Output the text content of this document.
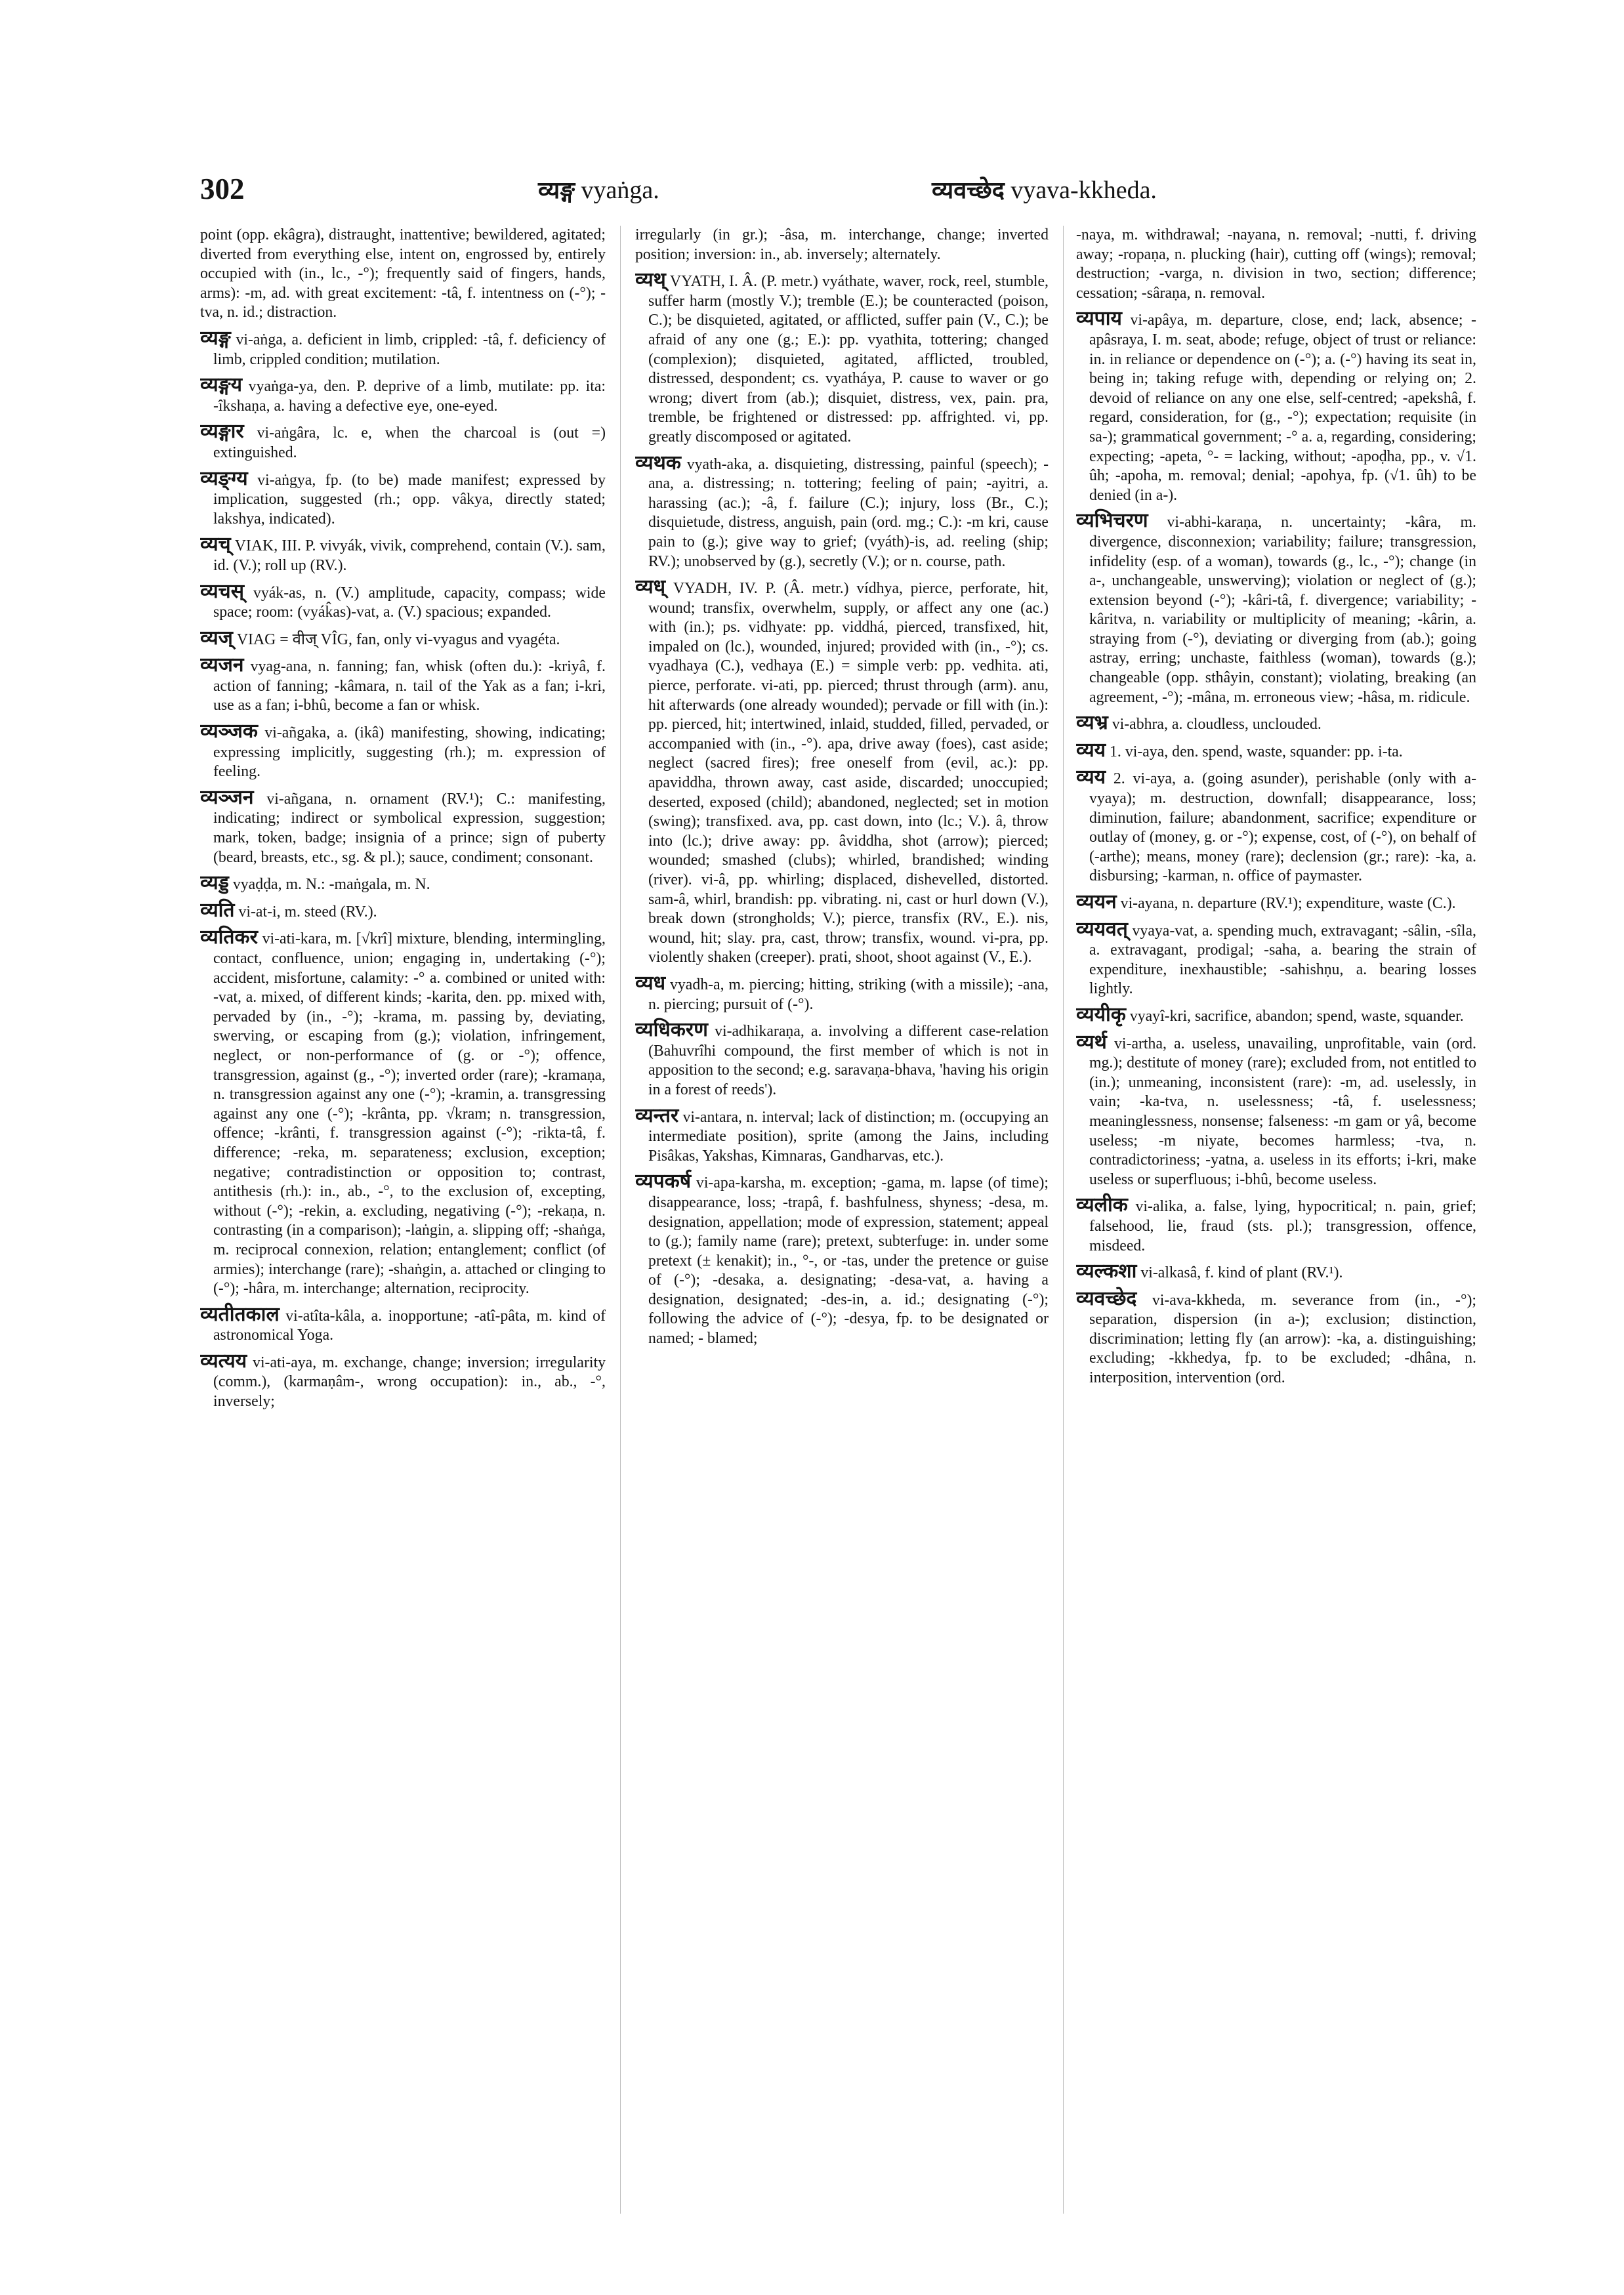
302	व्यङ्ग vyaṅga.	व्यवच्छेद vyava-kkheda.

point (opp. ekâgra), distraught, inattentive; bewildered, agitated; diverted from everything else, intent on, engrossed by, entirely occupied with (in., lc., -°); frequently said of fingers, hands, arms): -m, ad. with great excitement: -tâ, f. intentness on (-°); -tva, n. id.; distraction.

व्यङ्ग vi-aṅga, a. deficient in limb, crippled: -tâ, f. deficiency of limb, crippled condition; mutilation.

व्यङ्गय vyaṅga-ya, den. P. deprive of a limb, mutilate: pp. ita: -îkshaṇa, a. having a defective eye, one-eyed.

व्यङ्गार vi-aṅgâra, lc. e, when the charcoal is (out =) extinguished.

व्यङ्ग्य vi-aṅgya, fp. (to be) made manifest; expressed by implication, suggested (rh.; opp. vâkya, directly stated; lakshya, indicated).

व्यच् VIAK, III. P. vivyák, vivik, comprehend, contain (V.). sam, id. (V.); roll up (RV.).

व्यचस् vyák-as, n. (V.) amplitude, capacity, compass; wide space; room: (vyák̂as)-vat, a. (V.) spacious; expanded.

व्यज् VIAG = वीज् VÎG, fan, only vi-vyagus and vyagéta.

व्यजन vyag-ana, n. fanning; fan, whisk (often du.): -kriyâ, f. action of fanning; -kâmara, n. tail of the Yak as a fan; i-kri, use as a fan; i-bhû, become a fan or whisk.

व्यञ्जक vi-añgaka, a. (ikâ) manifesting, showing, indicating; expressing implicitly, suggesting (rh.); m. expression of feeling.

व्यञ्जन vi-añgana, n. ornament (RV.¹); C.: manifesting, indicating; indirect or symbolical expression, suggestion; mark, token, badge; insignia of a prince; sign of puberty (beard, breasts, etc., sg. & pl.); sauce, condiment; consonant.

व्यड्ड vyaḍḍa, m. N.: -maṅgala, m. N.

व्यति vi-at-i, m. steed (RV.).

व्यतिकर vi-ati-kara, m. [√krî] mixture, blending, intermingling, contact, confluence, union; engaging in, undertaking (-°); accident, misfortune, calamity: -° a. combined or united with: -vat, a. mixed, of different kinds; -karita, den. pp. mixed with, pervaded by (in., -°); -krama, m. passing by, deviating, swerving, or escaping from (g.); violation, infringement, neglect, or non-performance of (g. or -°); offence, transgression, against (g., -°); inverted order (rare); -kramaṇa, n. transgression against any one (-°); -kramin, a. transgressing against any one (-°); -krânta, pp. √kram; n. transgression, offence; -krânti, f. transgression against (-°); -rikta-tâ, f. difference; -reka, m. separateness; exclusion, exception; negative; contradistinction or opposition to; contrast, antithesis (rh.): in., ab., -°, to the exclusion of, excepting, without (-°); -rekin, a. excluding, negativing (-°); -rekaṇa, n. contrasting (in a comparison); -laṅgin, a. slipping off; -shaṅga, m. reciprocal connexion, relation; entanglement; conflict (of armies); interchange (rare); -shaṅgin, a. attached or clinging to (-°); -hâra, m. interchange; alternation, reciprocity.

व्यतीतकाल vi-atîta-kâla, a. inopportune; -atî-pâta, m. kind of astronomical Yoga.

व्यत्यय vi-ati-aya, m. exchange, change; inversion; irregularity (comm.), (karmaṇâm-, wrong occupation): in., ab., -°, inversely;

irregularly (in gr.); -âsa, m. interchange, change; inverted position; inversion: in., ab. inversely; alternately.

व्यथ् VYATH, I. Â. (P. metr.) vyáthate, waver, rock, reel, stumble, suffer harm (mostly V.); tremble (E.); be counteracted (poison, C.); be disquieted, agitated, or afflicted, suffer pain (V., C.); be afraid of any one (g.; E.): pp. vyathita, tottering; changed (complexion); disquieted, agitated, afflicted, troubled, distressed, despondent; cs. vyatháya, P. cause to waver or go wrong; divert from (ab.); disquiet, distress, vex, pain. pra, tremble, be frightened or distressed: pp. affrighted. vi, pp. greatly discomposed or agitated.

व्यथक vyath-aka, a. disquieting, distressing, painful (speech); -ana, a. distressing; n. tottering; feeling of pain; -ayitri, a. harassing (ac.); -â, f. failure (C.); injury, loss (Br., C.); disquietude, distress, anguish, pain (ord. mg.; C.): -m kri, cause pain to (g.); give way to grief; (vyáth)-is, ad. reeling (ship; RV.); unobserved by (g.), secretly (V.); or n. course, path.

व्यध् VYADH, IV. P. (Â. metr.) vídhya, pierce, perforate, hit, wound; transfix, overwhelm, supply, or affect any one (ac.) with (in.); ps. vidhyate: pp. viddhá, pierced, transfixed, hit, impaled on (lc.), wounded, injured; provided with (in., -°); cs. vyadhaya (C.), vedhaya (E.) = simple verb: pp. vedhita. ati, pierce, perforate. vi-ati, pp. pierced; thrust through (arm). anu, hit afterwards (one already wounded); pervade or fill with (in.): pp. pierced, hit; intertwined, inlaid, studded, filled, pervaded, or accompanied with (in., -°). apa, drive away (foes), cast aside; neglect (sacred fires); free oneself from (evil, ac.): pp. apaviddha, thrown away, cast aside, discarded; unoccupied; deserted, exposed (child); abandoned, neglected; set in motion (swing); transfixed. ava, pp. cast down, into (lc.; V.). â, throw into (lc.); drive away: pp. âviddha, shot (arrow); pierced; wounded; smashed (clubs); whirled, brandished; winding (river). vi-â, pp. whirling; displaced, dishevelled, distorted. sam-â, whirl, brandish: pp. vibrating. ni, cast or hurl down (V.), break down (strongholds; V.); pierce, transfix (RV., E.). nis, wound, hit; slay. pra, cast, throw; transfix, wound. vi-pra, pp. violently shaken (creeper). prati, shoot, shoot against (V., E.).

व्यध vyadh-a, m. piercing; hitting, striking (with a missile); -ana, n. piercing; pursuit of (-°).

व्यधिकरण vi-adhikaraṇa, a. involving a different case-relation (Bahuvrîhi compound, the first member of which is not in apposition to the second; e.g. saravaṇa-bhava, 'having his origin in a forest of reeds').

व्यन्तर vi-antara, n. interval; lack of distinction; m. (occupying an intermediate position), sprite (among the Jains, including Pisâkas, Yakshas, Kimnaras, Gandharvas, etc.).

व्यपकर्ष vi-apa-karsha, m. exception; -gama, m. lapse (of time); disappearance, loss; -trapâ, f. bashfulness, shyness; -desa, m. designation, appellation; mode of expression, statement; appeal to (g.); family name (rare); pretext, subterfuge: in. under some pretext (± kenakit); in., °-, or -tas, under the pretence or guise of (-°); -desaka, a. designating; -desa-vat, a. having a designation, designated; -des-in, a. id.; designating (-°); following the advice of (-°); -desya, fp. to be designated or named; - blamed;

-naya, m. withdrawal; -nayana, n. removal; -nutti, f. driving away; -ropaṇa, n. plucking (hair), cutting off (wings); removal; destruction; -varga, n. division in two, section; difference; cessation; -sâraṇa, n. removal.

व्यपाय vi-apâya, m. departure, close, end; lack, absence; -apâsraya, I. m. seat, abode; refuge, object of trust or reliance: in. in reliance or dependence on (-°); a. (-°) having its seat in, being in; taking refuge with, depending or relying on; 2. devoid of reliance on any one else, self-centred; -apekshâ, f. regard, consideration, for (g., -°); expectation; requisite (in sa-); grammatical government; -° a. a, regarding, considering; expecting; -apeta, °- = lacking, without; -apoḍha, pp., v. √1. ûh; -apoha, m. removal; denial; -apohya, fp. (√1. ûh) to be denied (in a-).

व्यभिचरण vi-abhi-karaṇa, n. uncertainty; -kâra, m. divergence, disconnexion; variability; failure; transgression, infidelity (esp. of a woman), towards (g., lc., -°); change (in a-, unchangeable, unswerving); violation or neglect of (g.); extension beyond (-°); -kâri-tâ, f. divergence; variability; -kâritva, n. variability or multiplicity of meaning; -kârin, a. straying from (-°), deviating or diverging from (ab.); going astray, erring; unchaste, faithless (woman), towards (g.); changeable (opp. sthâyin, constant); violating, breaking (an agreement, -°); -mâna, m. erroneous view; -hâsa, m. ridicule.

व्यभ्र vi-abhra, a. cloudless, unclouded.

व्यय 1. vi-aya, den. spend, waste, squander: pp. i-ta.

व्यय 2. vi-aya, a. (going asunder), perishable (only with a-vyaya); m. destruction, downfall; disappearance, loss; diminution, failure; abandonment, sacrifice; expenditure or outlay of (money, g. or -°); expense, cost, of (-°), on behalf of (-arthe); means, money (rare); declension (gr.; rare): -ka, a. disbursing; -karman, n. office of paymaster.

व्ययन vi-ayana, n. departure (RV.¹); expenditure, waste (C.).

व्ययवत् vyaya-vat, a. spending much, extravagant; -sâlin, -sîla, a. extravagant, prodigal; -saha, a. bearing the strain of expenditure, inexhaustible; -sahishṇu, a. bearing losses lightly.

व्ययीकृ vyayî-kri, sacrifice, abandon; spend, waste, squander.

व्यर्थ vi-artha, a. useless, unavailing, unprofitable, vain (ord. mg.); destitute of money (rare); excluded from, not entitled to (in.); unmeaning, inconsistent (rare): -m, ad. uselessly, in vain; -ka-tva, n. uselessness; -tâ, f. uselessness; meaninglessness, nonsense; falseness: -m gam or yâ, become useless; -m niyate, becomes harmless; -tva, n. contradictoriness; -yatna, a. useless in its efforts; i-kri, make useless or superfluous; i-bhû, become useless.

व्यलीक vi-alika, a. false, lying, hypocritical; n. pain, grief; falsehood, lie, fraud (sts. pl.); transgression, offence, misdeed.

व्यल्कशा vi-alkasâ, f. kind of plant (RV.¹).

व्यवच्छेद vi-ava-kkheda, m. severance from (in., -°); separation, dispersion (in a-); exclusion; distinction, discrimination; letting fly (an arrow): -ka, a. distinguishing; excluding; -kkhedya, fp. to be excluded; -dhâna, n. interposition, intervention (ord.
